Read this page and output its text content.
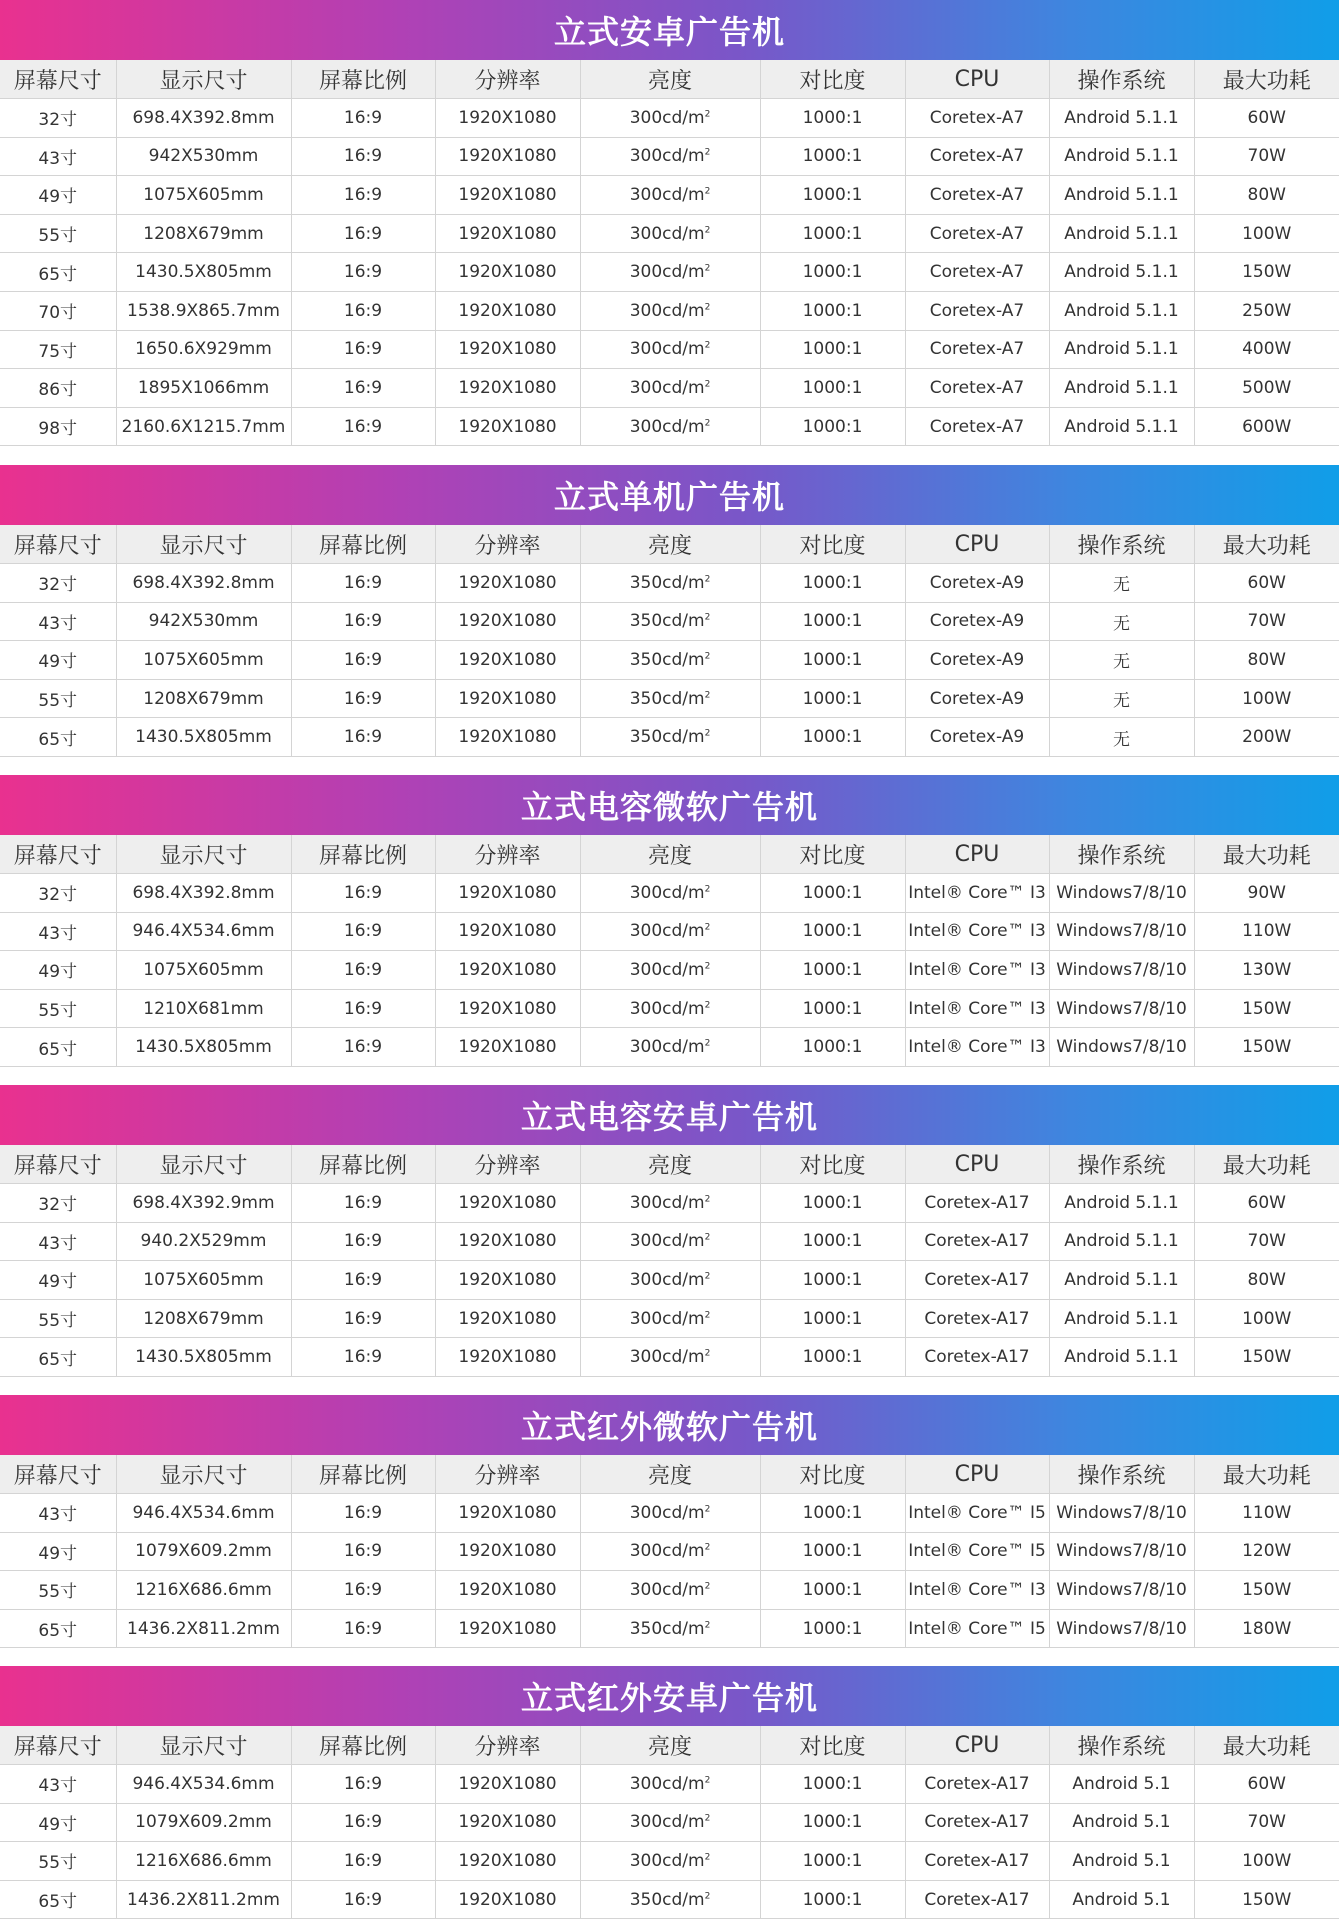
立式安卓广告机
屏幕尺寸	显示尺寸	屏幕比例	分辨率	亮度	对比度	CPU	操作系统	最大功耗
32寸	698.4X392.8mm	16:9	1920X1080	$300cd/m^2$	1000:1	Coretex-A7	Android 5.1.1	60W
43寸	942X530mm	16:9	1920X1080	$300cd/m^2$	1000:1	Coretex-A7	Android 5.1.1	70W
49寸	1075X605mm	16:9	1920X1080	$300cd/m^2$	1000:1	Coretex-A7	Android 5.1.1	80W
55寸	1208X679mm	16:9	1920X1080	$300cd/m^2$	1000:1	Coretex-A7	Android 5.1.1	100W
65寸	1430.5X805mm	16:9	1920X1080	$300cd/m^2$	1000:1	Coretex-A7	Android 5.1.1	150W
70寸	1538.9X865.7mm	16:9	1920X1080	$300cd/m^2$	1000:1	Coretex-A7	Android 5.1.1	250W
75寸	1650.6X929mm	16:9	1920X1080	$300cd/m^2$	1000:1	Coretex-A7	Android 5.1.1	400W
86寸	1895X1066mm	16:9	1920X1080	$300cd/m^2$	1000:1	Coretex-A7	Android 5.1.1	500W
98寸	2160.6X1215.7mm	16:9	1920X1080	$300cd/m^2$	1000:1	Coretex-A7	Android 5.1.1	600W
立式单机广告机
屏幕尺寸	显示尺寸	屏幕比例	分辨率	亮度	对比度	CPU	操作系统	最大功耗
32寸	698.4X392.8mm	16:9	1920X1080	$350cd/m^2$	1000:1	Coretex-A9	无	60W
43寸	942X530mm	16:9	1920X1080	$350cd/m^2$	1000:1	Coretex-A9	无	70W
49寸	1075X605mm	16:9	1920X1080	$350cd/m^2$	1000:1	Coretex-A9	无	80W
55寸	1208X679mm	16:9	1920X1080	$350cd/m^2$	1000:1	Coretex-A9	无	100W
65寸	1430.5X805mm	16:9	1920X1080	$350cd/m^2$	1000:1	Coretex-A9	无	200W
立式电容微软广告机
屏幕尺寸	显示尺寸	屏幕比例	分辨率	亮度	对比度	CPU	操作系统	最大功耗
32寸	698.4X392.8mm	16:9	1920X1080	$300cd/m^2$	1000:1	Intel® Core™ I3	Windows7/8/10	90W
43寸	946.4X534.6mm	16:9	1920X1080	$300cd/m^2$	1000:1	Intel® Core™ I3	Windows7/8/10	110W
49寸	1075X605mm	16:9	1920X1080	$300cd/m^2$	1000:1	Intel® Core™ I3	Windows7/8/10	130W
55寸	1210X681mm	16:9	1920X1080	$300cd/m^2$	1000:1	Intel® Core™ I3	Windows7/8/10	150W
65寸	1430.5X805mm	16:9	1920X1080	$300cd/m^2$	1000:1	Intel® Core™ I3	Windows7/8/10	150W
立式电容安卓广告机
屏幕尺寸	显示尺寸	屏幕比例	分辨率	亮度	对比度	CPU	操作系统	最大功耗
32寸	698.4X392.9mm	16:9	1920X1080	$300cd/m^2$	1000:1	Coretex-A17	Android 5.1.1	60W
43寸	940.2X529mm	16:9	1920X1080	$300cd/m^2$	1000:1	Coretex-A17	Android 5.1.1	70W
49寸	1075X605mm	16:9	1920X1080	$300cd/m^2$	1000:1	Coretex-A17	Android 5.1.1	80W
55寸	1208X679mm	16:9	1920X1080	$300cd/m^2$	1000:1	Coretex-A17	Android 5.1.1	100W
65寸	1430.5X805mm	16:9	1920X1080	$300cd/m^2$	1000:1	Coretex-A17	Android 5.1.1	150W
立式红外微软广告机
屏幕尺寸	显示尺寸	屏幕比例	分辨率	亮度	对比度	CPU	操作系统	最大功耗
43寸	946.4X534.6mm	16:9	1920X1080	$300cd/m^2$	1000:1	Intel® Core™ I5	Windows7/8/10	110W
49寸	1079X609.2mm	16:9	1920X1080	$300cd/m^2$	1000:1	Intel® Core™ I5	Windows7/8/10	120W
55寸	1216X686.6mm	16:9	1920X1080	$300cd/m^2$	1000:1	Intel® Core™ I3	Windows7/8/10	150W
65寸	1436.2X811.2mm	16:9	1920X1080	$350cd/m^2$	1000:1	Intel® Core™ I5	Windows7/8/10	180W
立式红外安卓广告机
屏幕尺寸	显示尺寸	屏幕比例	分辨率	亮度	对比度	CPU	操作系统	最大功耗
43寸	946.4X534.6mm	16:9	1920X1080	$300cd/m^2$	1000:1	Coretex-A17	Android 5.1	60W
49寸	1079X609.2mm	16:9	1920X1080	$300cd/m^2$	1000:1	Coretex-A17	Android 5.1	70W
55寸	1216X686.6mm	16:9	1920X1080	$300cd/m^2$	1000:1	Coretex-A17	Android 5.1	100W
65寸	1436.2X811.2mm	16:9	1920X1080	$350cd/m^2$	1000:1	Coretex-A17	Android 5.1	150W
